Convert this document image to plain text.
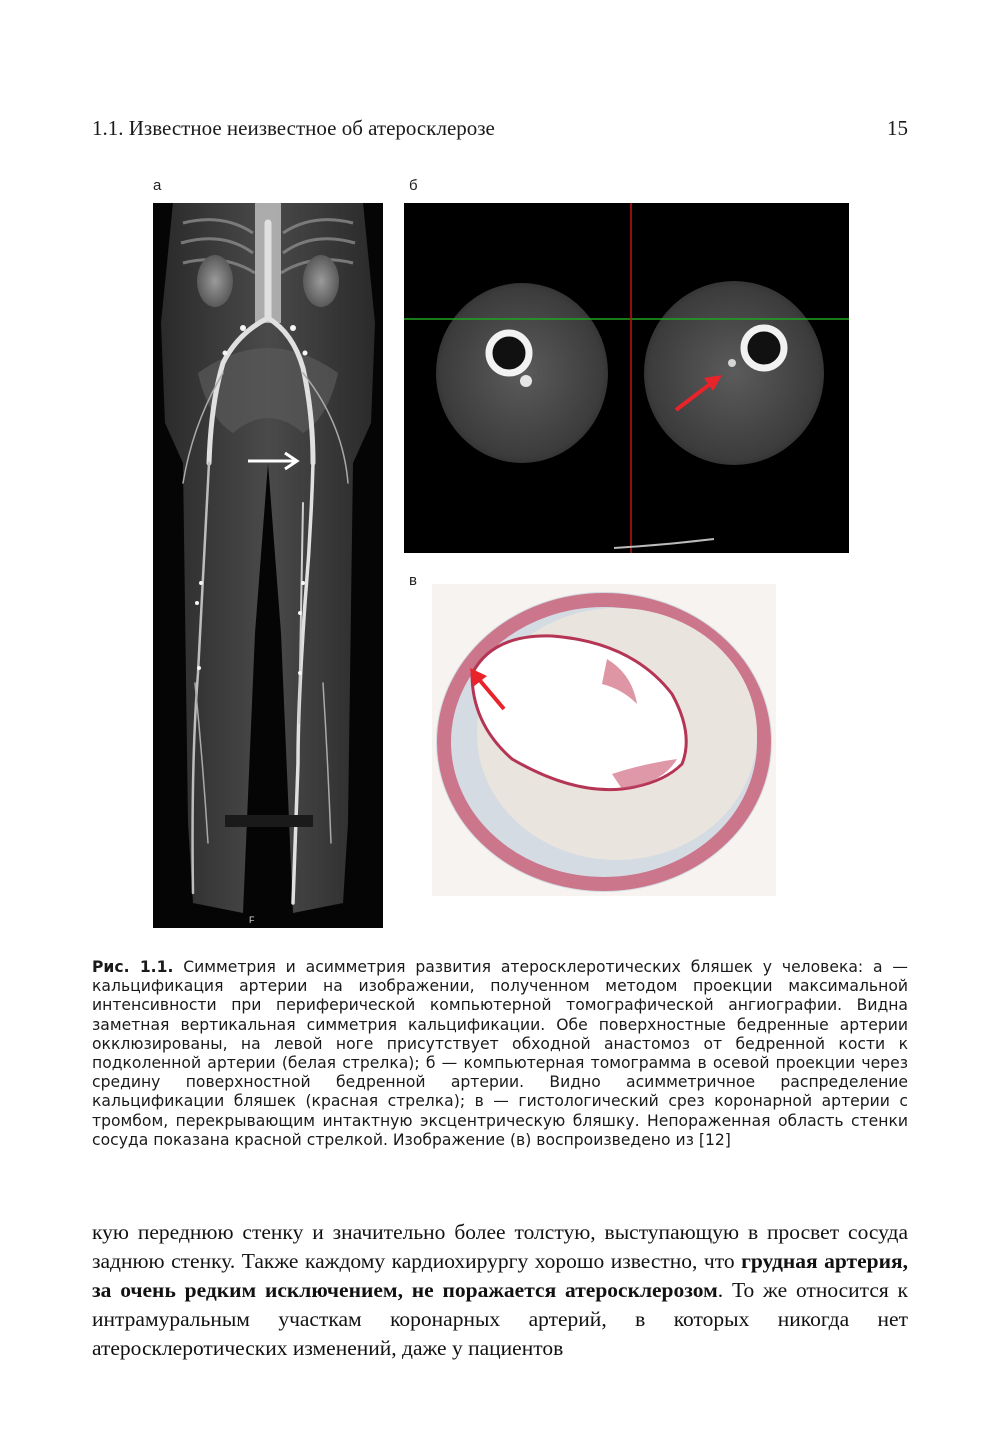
1.1. Известное неизвестное об атеросклерозе	15
а	б
в
F
Рис. 1.1. Симметрия и асимметрия развития атеросклеротических бляшек у человека: а — кальцификация артерии на изображении, полученном методом проекции максимальной интенсивности при периферической компьютерной томографической ангиографии. Видна заметная вертикальная симметрия кальцификации. Обе поверхностные бедренные артерии окклюзированы, на левой ноге присутствует обходной анастомоз от бедренной кости к подколенной артерии (белая стрелка); б — компьютерная томограмма в осевой проекции через средину поверхностной бедренной артерии. Видно асимметричное распределение кальцификации бляшек (красная стрелка); в — гистологический срез коронарной артерии с тромбом, перекрывающим интактную эксцентрическую бляшку. Непораженная область стенки сосуда показана красной стрелкой. Изображение (в) воспроизведено из [12]

кую переднюю стенку и значительно более толстую, выступающую в просвет сосуда заднюю стенку. Также каждому кардиохирургу хорошо известно, что грудная артерия, за очень редким исключением, не поражается атеросклерозом. То же относится к интрамуральным участкам коронарных артерий, в которых никогда нет атеросклеротических изменений, даже у пациентов
